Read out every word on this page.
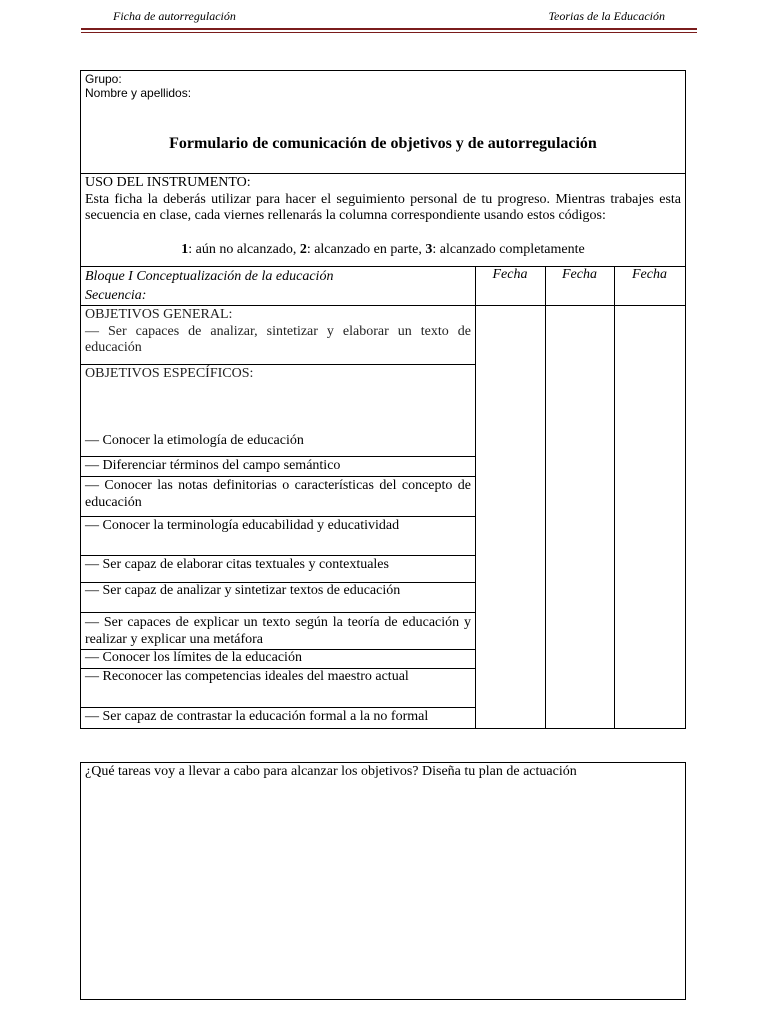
Ficha de autorregulación	Teorias de la Educación
Grupo:
Nombre y apellidos:
Formulario de comunicación de objetivos y de autorregulación
USO DEL INSTRUMENTO:
Esta ficha la deberás utilizar para hacer el seguimiento personal de tu progreso. Mientras trabajes esta secuencia en clase, cada viernes rellenarás la columna correspondiente usando estos códigos:
1: aún no alcanzado, 2: alcanzado en parte, 3: alcanzado completamente
Bloque I Conceptualización de la educación
Secuencia:
Fecha	Fecha	Fecha
OBJETIVOS GENERAL:
— Ser capaces de analizar, sintetizar y elaborar un texto de educación
OBJETIVOS ESPECÍFICOS:
— Conocer la etimología de educación
— Diferenciar términos del campo semántico
— Conocer las notas definitorias o características del concepto de educación
— Conocer la terminología educabilidad y educatividad
— Ser capaz de elaborar citas textuales y contextuales
— Ser capaz de analizar y sintetizar textos de educación
— Ser capaces de explicar un texto según la teoría de educación y realizar y explicar una metáfora
— Conocer los límites de la educación
— Reconocer las competencias ideales del maestro actual
— Ser capaz de contrastar la educación formal a la no formal
¿Qué tareas voy a llevar a cabo para alcanzar los objetivos? Diseña tu plan de actuación
